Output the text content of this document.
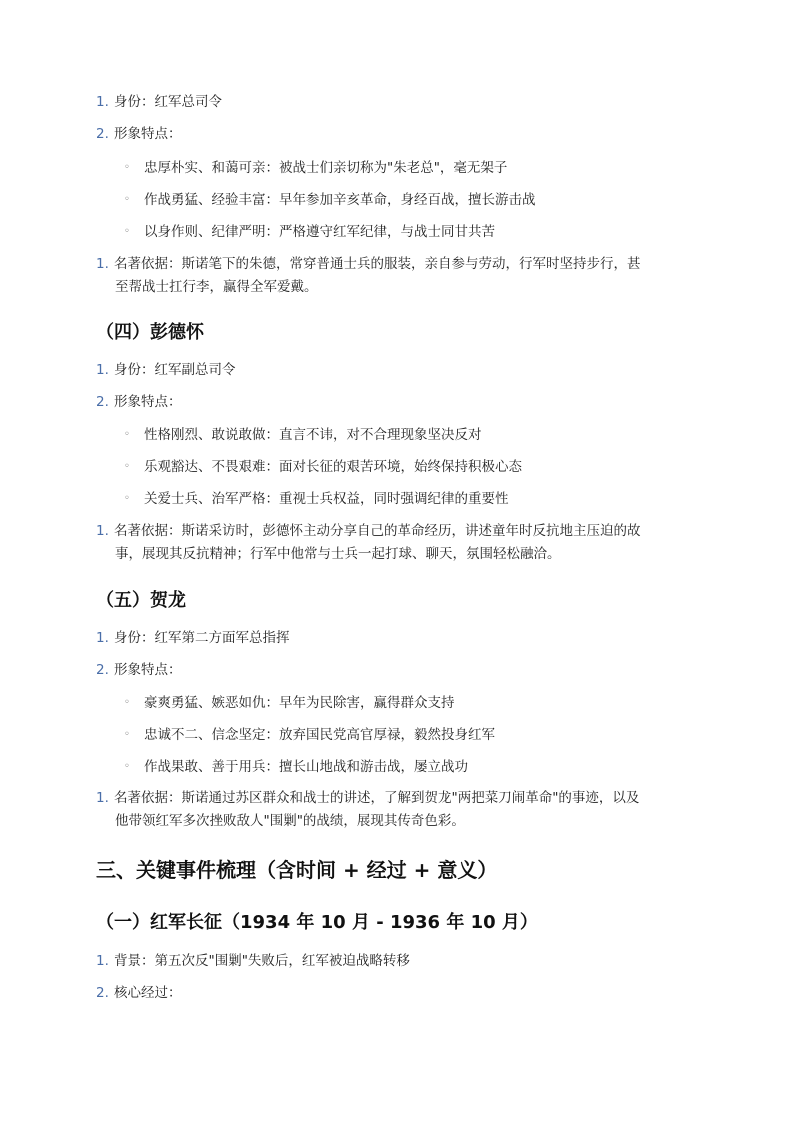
1. 身份：红军总司令
2. 形象特点：
◦ 忠厚朴实、和蔼可亲：被战士们亲切称为"朱老总"，毫无架子
◦ 作战勇猛、经验丰富：早年参加辛亥革命，身经百战，擅长游击战
◦ 以身作则、纪律严明：严格遵守红军纪律，与战士同甘共苦
1. 名著依据：斯诺笔下的朱德，常穿普通士兵的服装，亲自参与劳动，行军时坚持步行，甚
至帮战士扛行李，赢得全军爱戴。
（四）彭德怀
1. 身份：红军副总司令
2. 形象特点：
◦ 性格刚烈、敢说敢做：直言不讳，对不合理现象坚决反对
◦ 乐观豁达、不畏艰难：面对长征的艰苦环境，始终保持积极心态
◦ 关爱士兵、治军严格：重视士兵权益，同时强调纪律的重要性
1. 名著依据：斯诺采访时，彭德怀主动分享自己的革命经历，讲述童年时反抗地主压迫的故
事，展现其反抗精神；行军中他常与士兵一起打球、聊天，氛围轻松融洽。
（五）贺龙
1. 身份：红军第二方面军总指挥
2. 形象特点：
◦ 豪爽勇猛、嫉恶如仇：早年为民除害，赢得群众支持
◦ 忠诚不二、信念坚定：放弃国民党高官厚禄，毅然投身红军
◦ 作战果敢、善于用兵：擅长山地战和游击战，屡立战功
1. 名著依据：斯诺通过苏区群众和战士的讲述，了解到贺龙"两把菜刀闹革命"的事迹，以及
他带领红军多次挫败敌人"围剿"的战绩，展现其传奇色彩。
三、关键事件梳理（含时间 + 经过 + 意义）
（一）红军长征（1934 年 10 月 - 1936 年 10 月）
1. 背景：第五次反"围剿"失败后，红军被迫战略转移
2. 核心经过：
